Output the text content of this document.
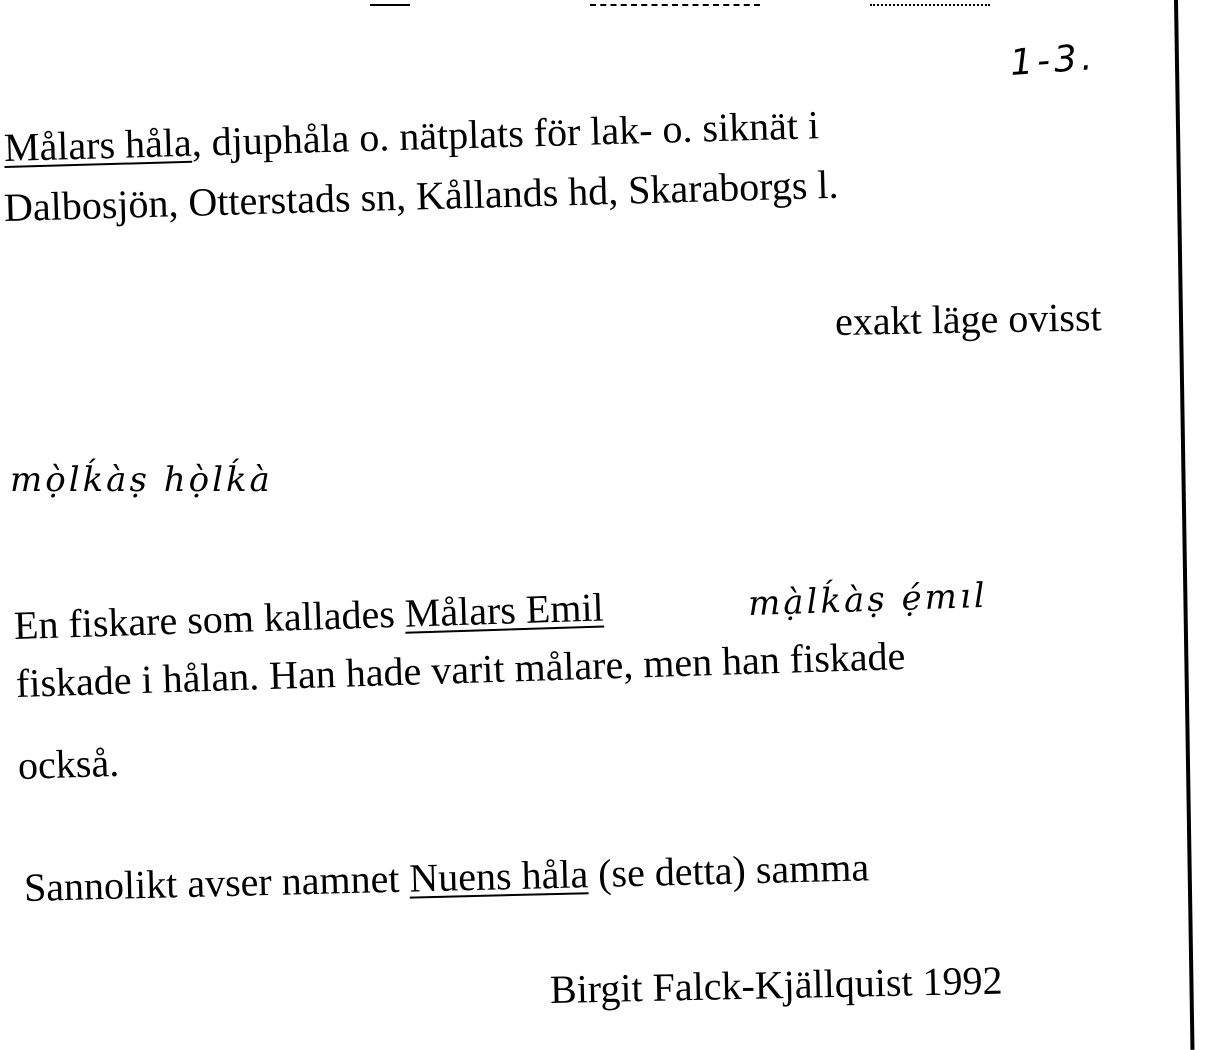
1-3.
Målars håla, djuphåla o. nätplats för lak- o. siknät i
Dalbosjön, Otterstads sn, Kållands hd, Skaraborgs l.
exakt läge ovisst
mọ̀lḱàṣ họ̀lḱà
En fiskare som kallades Målars Emil	mạ̀lḱàṣ ẹ́mıl
fiskade i hålan. Han hade varit målare, men han fiskade
också.
Sannolikt avser namnet Nuens håla (se detta) samma
Birgit Falck-Kjällquist 1992
